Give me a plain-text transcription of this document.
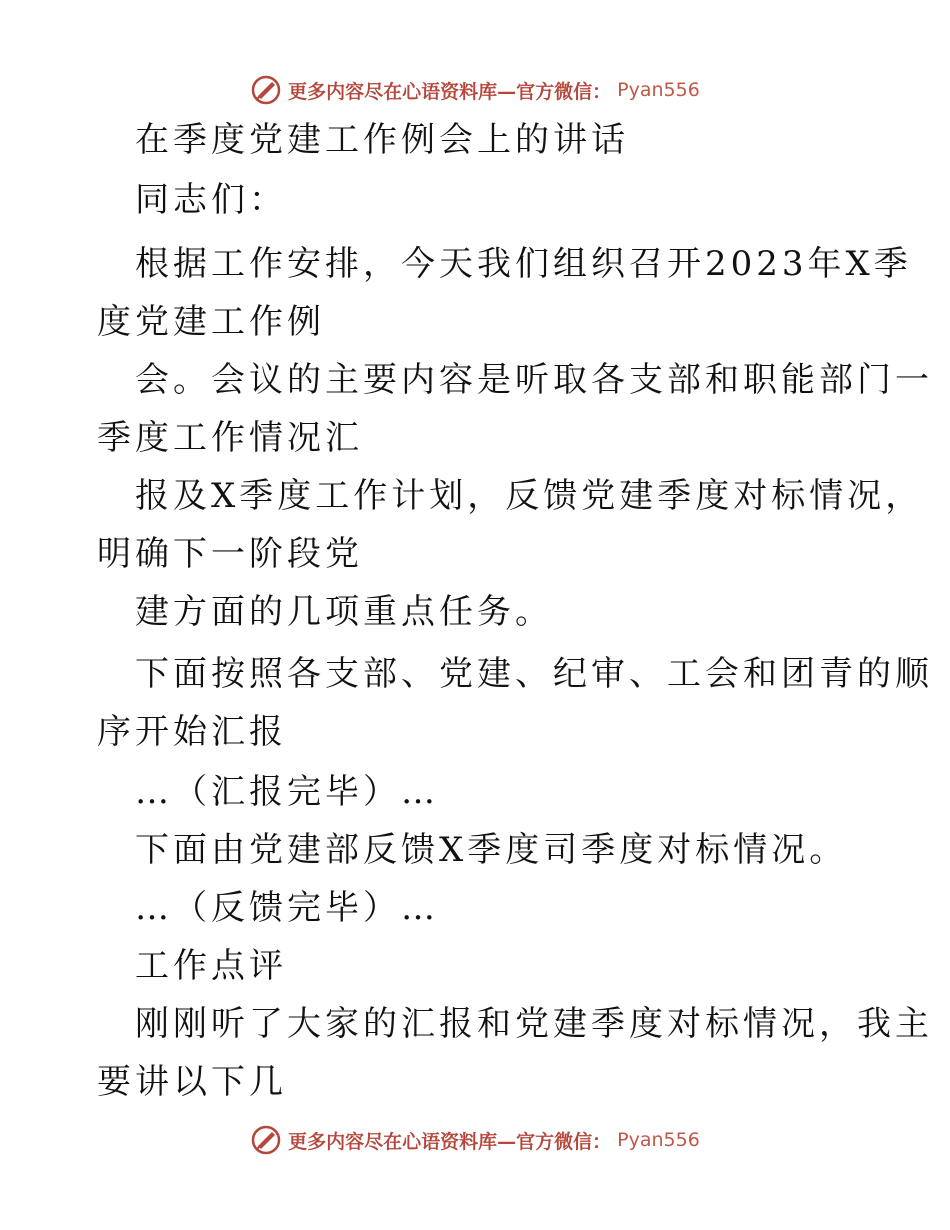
更多内容尽在心语资料库—官方微信： Pyan556
在季度党建工作例会上的讲话
同志们：
根据工作安排，今天我们组织召开2023年X季
度党建工作例
会。会议的主要内容是听取各支部和职能部门一
季度工作情况汇
报及X季度工作计划，反馈党建季度对标情况，
明确下一阶段党
建方面的几项重点任务。
下面按照各支部、党建、纪审、工会和团青的顺
序开始汇报
…（汇报完毕）…
下面由党建部反馈X季度司季度对标情况。
…（反馈完毕）…
工作点评
刚刚听了大家的汇报和党建季度对标情况，我主
要讲以下几
更多内容尽在心语资料库—官方微信： Pyan556
